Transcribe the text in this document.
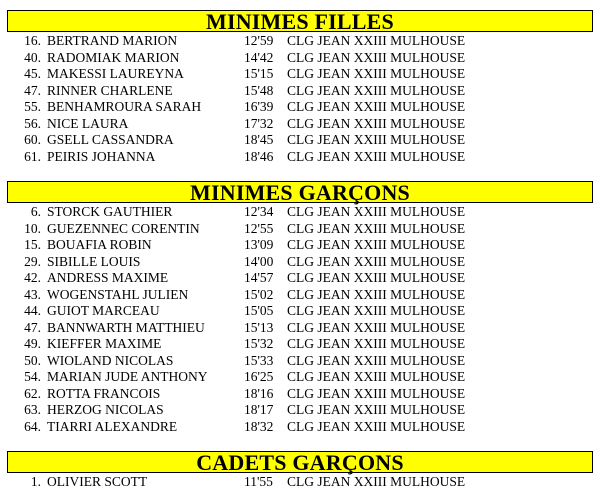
MINIMES FILLES
16. BERTRAND MARION	12'59 CLG JEAN XXIII MULHOUSE
40. RADOMIAK MARION	14'42 CLG JEAN XXIII MULHOUSE
45. MAKESSI LAUREYNA	15'15 CLG JEAN XXIII MULHOUSE
47. RINNER CHARLENE	15'48 CLG JEAN XXIII MULHOUSE
55. BENHAMROURA SARAH	16'39 CLG JEAN XXIII MULHOUSE
56. NICE LAURA	17'32 CLG JEAN XXIII MULHOUSE
60. GSELL CASSANDRA	18'45 CLG JEAN XXIII MULHOUSE
61. PEIRIS JOHANNA	18'46 CLG JEAN XXIII MULHOUSE
MINIMES GARÇONS
6. STORCK GAUTHIER	12'34 CLG JEAN XXIII MULHOUSE
10. GUEZENNEC CORENTIN	12'55 CLG JEAN XXIII MULHOUSE
15. BOUAFIA ROBIN	13'09 CLG JEAN XXIII MULHOUSE
29. SIBILLE LOUIS	14'00 CLG JEAN XXIII MULHOUSE
42. ANDRESS MAXIME	14'57 CLG JEAN XXIII MULHOUSE
43. WOGENSTAHL JULIEN	15'02 CLG JEAN XXIII MULHOUSE
44. GUIOT MARCEAU	15'05 CLG JEAN XXIII MULHOUSE
47. BANNWARTH MATTHIEU	15'13 CLG JEAN XXIII MULHOUSE
49. KIEFFER MAXIME	15'32 CLG JEAN XXIII MULHOUSE
50. WIOLAND NICOLAS	15'33 CLG JEAN XXIII MULHOUSE
54. MARIAN JUDE ANTHONY	16'25 CLG JEAN XXIII MULHOUSE
62. ROTTA FRANCOIS	18'16 CLG JEAN XXIII MULHOUSE
63. HERZOG NICOLAS	18'17 CLG JEAN XXIII MULHOUSE
64. TIARRI ALEXANDRE	18'32 CLG JEAN XXIII MULHOUSE
CADETS GARÇONS
1. OLIVIER SCOTT	11'55 CLG JEAN XXIII MULHOUSE
